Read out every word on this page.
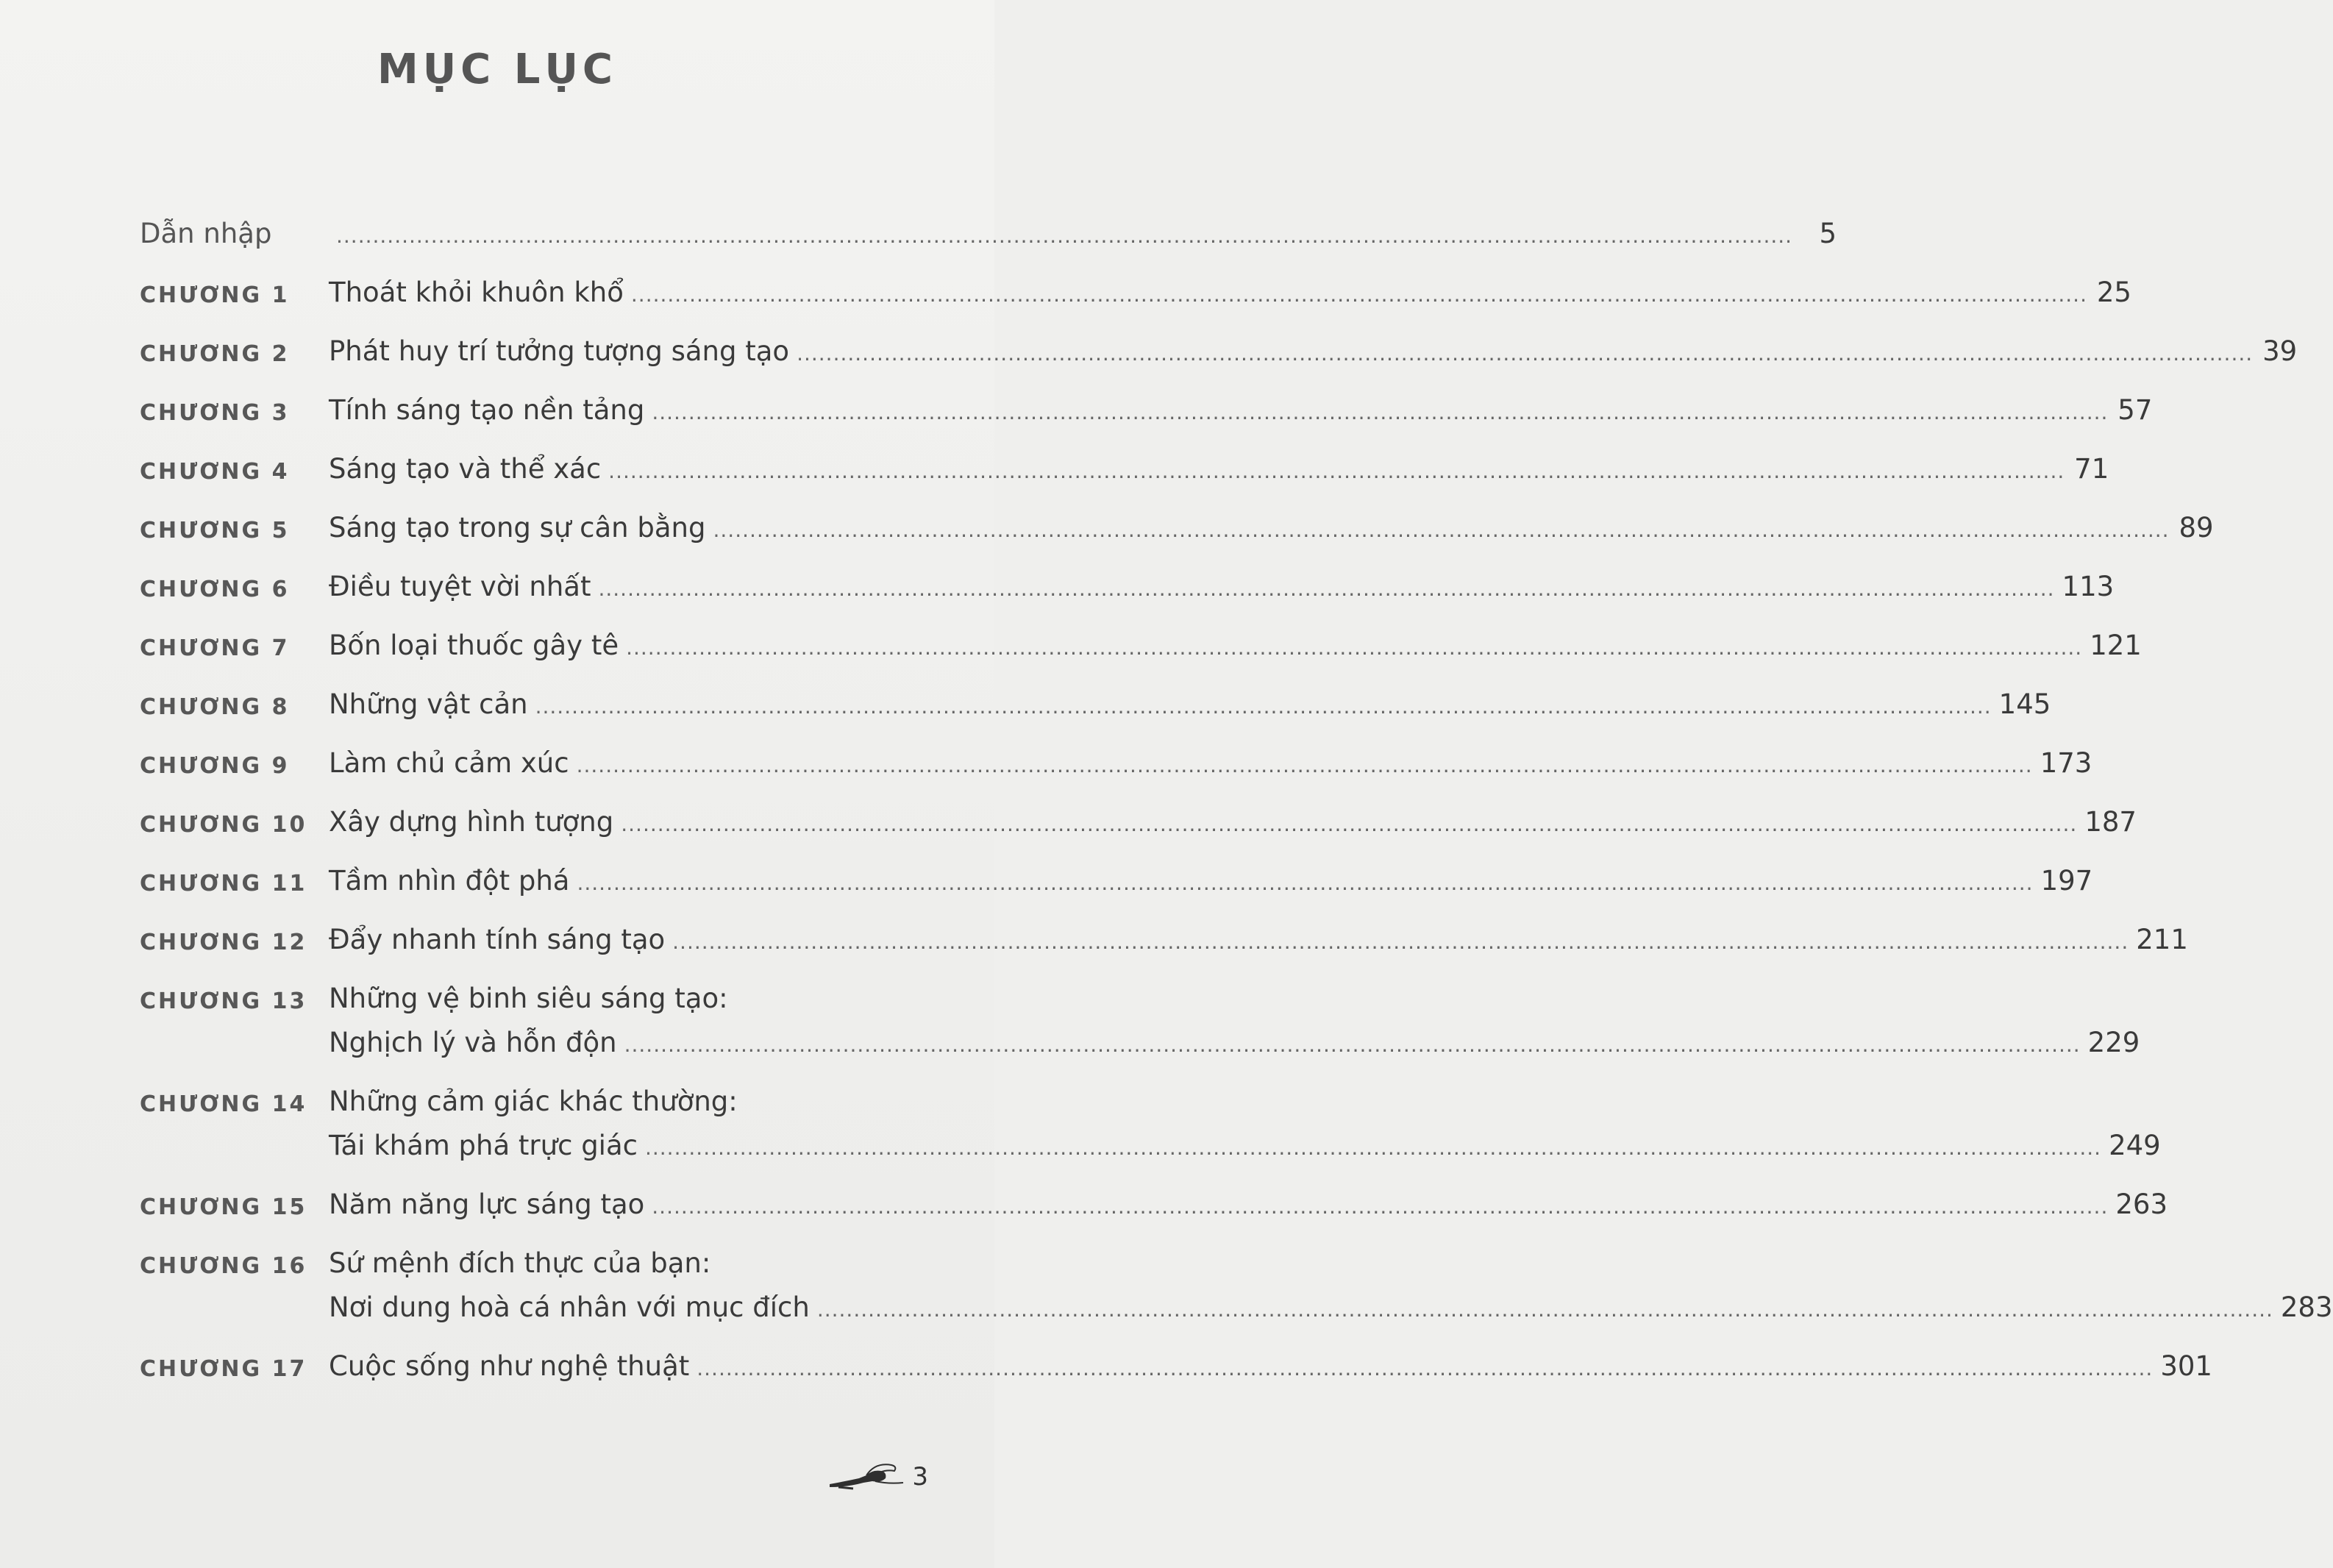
MỤC LỤC
Dẫn nhập	........................................................................................................................................................................................................ 5
CHƯƠNG 1	Thoát khỏi khuôn khổ ........................................................................................................................................................................................................ 25
CHƯƠNG 2	Phát huy trí tưởng tượng sáng tạo ........................................................................................................................................................................................................ 39
CHƯƠNG 3	Tính sáng tạo nền tảng ........................................................................................................................................................................................................ 57
CHƯƠNG 4	Sáng tạo và thể xác ........................................................................................................................................................................................................ 71
CHƯƠNG 5	Sáng tạo trong sự cân bằng ........................................................................................................................................................................................................ 89
CHƯƠNG 6	Điều tuyệt vời nhất ........................................................................................................................................................................................................ 113
CHƯƠNG 7	Bốn loại thuốc gây tê ........................................................................................................................................................................................................ 121
CHƯƠNG 8	Những vật cản ........................................................................................................................................................................................................ 145
CHƯƠNG 9	Làm chủ cảm xúc ........................................................................................................................................................................................................ 173
CHƯƠNG 10 Xây dựng hình tượng ........................................................................................................................................................................................................ 187
CHƯƠNG 11 Tầm nhìn đột phá ........................................................................................................................................................................................................ 197
CHƯƠNG 12 Đẩy nhanh tính sáng tạo ........................................................................................................................................................................................................ 211
CHƯƠNG 13 Những vệ binh siêu sáng tạo:
Nghịch lý và hỗn độn ........................................................................................................................................................................................................ 229
CHƯƠNG 14 Những cảm giác khác thường:
Tái khám phá trực giác ........................................................................................................................................................................................................ 249
CHƯƠNG 15 Năm năng lực sáng tạo ........................................................................................................................................................................................................ 263
CHƯƠNG 16 Sứ mệnh đích thực của bạn:
Nơi dung hoà cá nhân với mục đích ........................................................................................................................................................................................................ 283
CHƯƠNG 17 Cuộc sống như nghệ thuật ........................................................................................................................................................................................................ 301
3
